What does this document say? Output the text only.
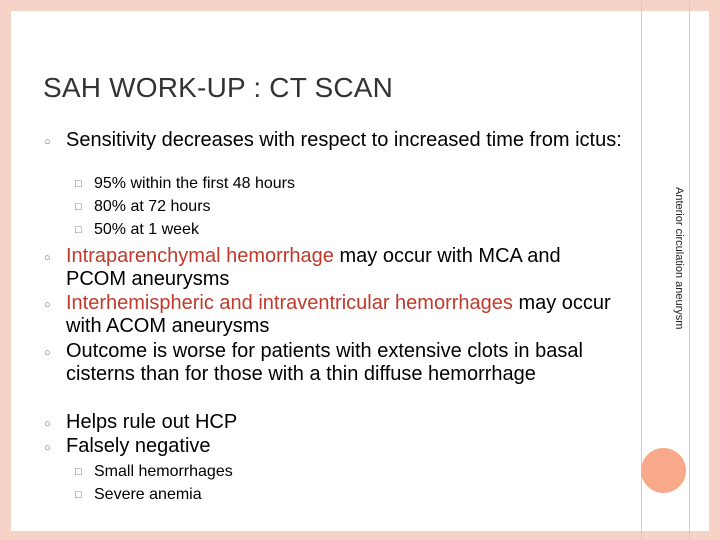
SAH WORK-UP : CT SCAN
Anterior circulation aneurysm
○ Sensitivity decreases with respect to increased time from ictus:
□ 95% within the first 48 hours
□ 80% at 72 hours
□ 50% at 1 week
○ Intraparenchymal hemorrhage may occur with MCA and PCOM aneurysms
○ Interhemispheric and intraventricular hemorrhages may occur with ACOM aneurysms
○ Outcome is worse for patients with extensive clots in basal cisterns than for those with a thin diffuse hemorrhage
○ Helps rule out HCP
○ Falsely negative
□ Small hemorrhages
□ Severe anemia
